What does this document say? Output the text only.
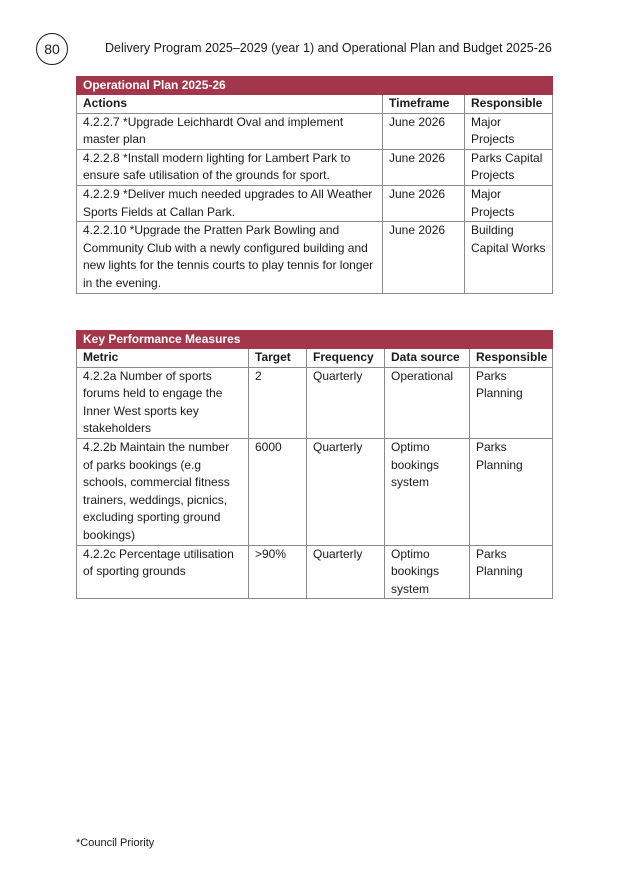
80	Delivery Program 2025–2029 (year 1) and Operational Plan and Budget 2025-26
Operational Plan 2025-26		
Actions	Timeframe	Responsible
4.2.2.7 *Upgrade Leichhardt Oval and implement master plan	June 2026	Major Projects
4.2.2.8 *Install modern lighting for Lambert Park to ensure safe utilisation of the grounds for sport.	June 2026	Parks Capital Projects
4.2.2.9 *Deliver much needed upgrades to All Weather Sports Fields at Callan Park.	June 2026	Major Projects
4.2.2.10 *Upgrade the Pratten Park Bowling and Community Club with a newly configured building and new lights for the tennis courts to play tennis for longer in the evening.	June 2026	Building Capital Works
Key Performance Measures				
Metric	Target	Frequency	Data source	Responsible
4.2.2a Number of sports forums held to engage the Inner West sports key stakeholders	2	Quarterly	Operational	Parks Planning
4.2.2b Maintain the number of parks bookings (e.g schools, commercial fitness trainers, weddings, picnics, excluding sporting ground bookings)	6000	Quarterly	Optimo bookings system	Parks Planning
4.2.2c Percentage utilisation of sporting grounds	>90%	Quarterly	Optimo bookings system	Parks Planning
*Council Priority
